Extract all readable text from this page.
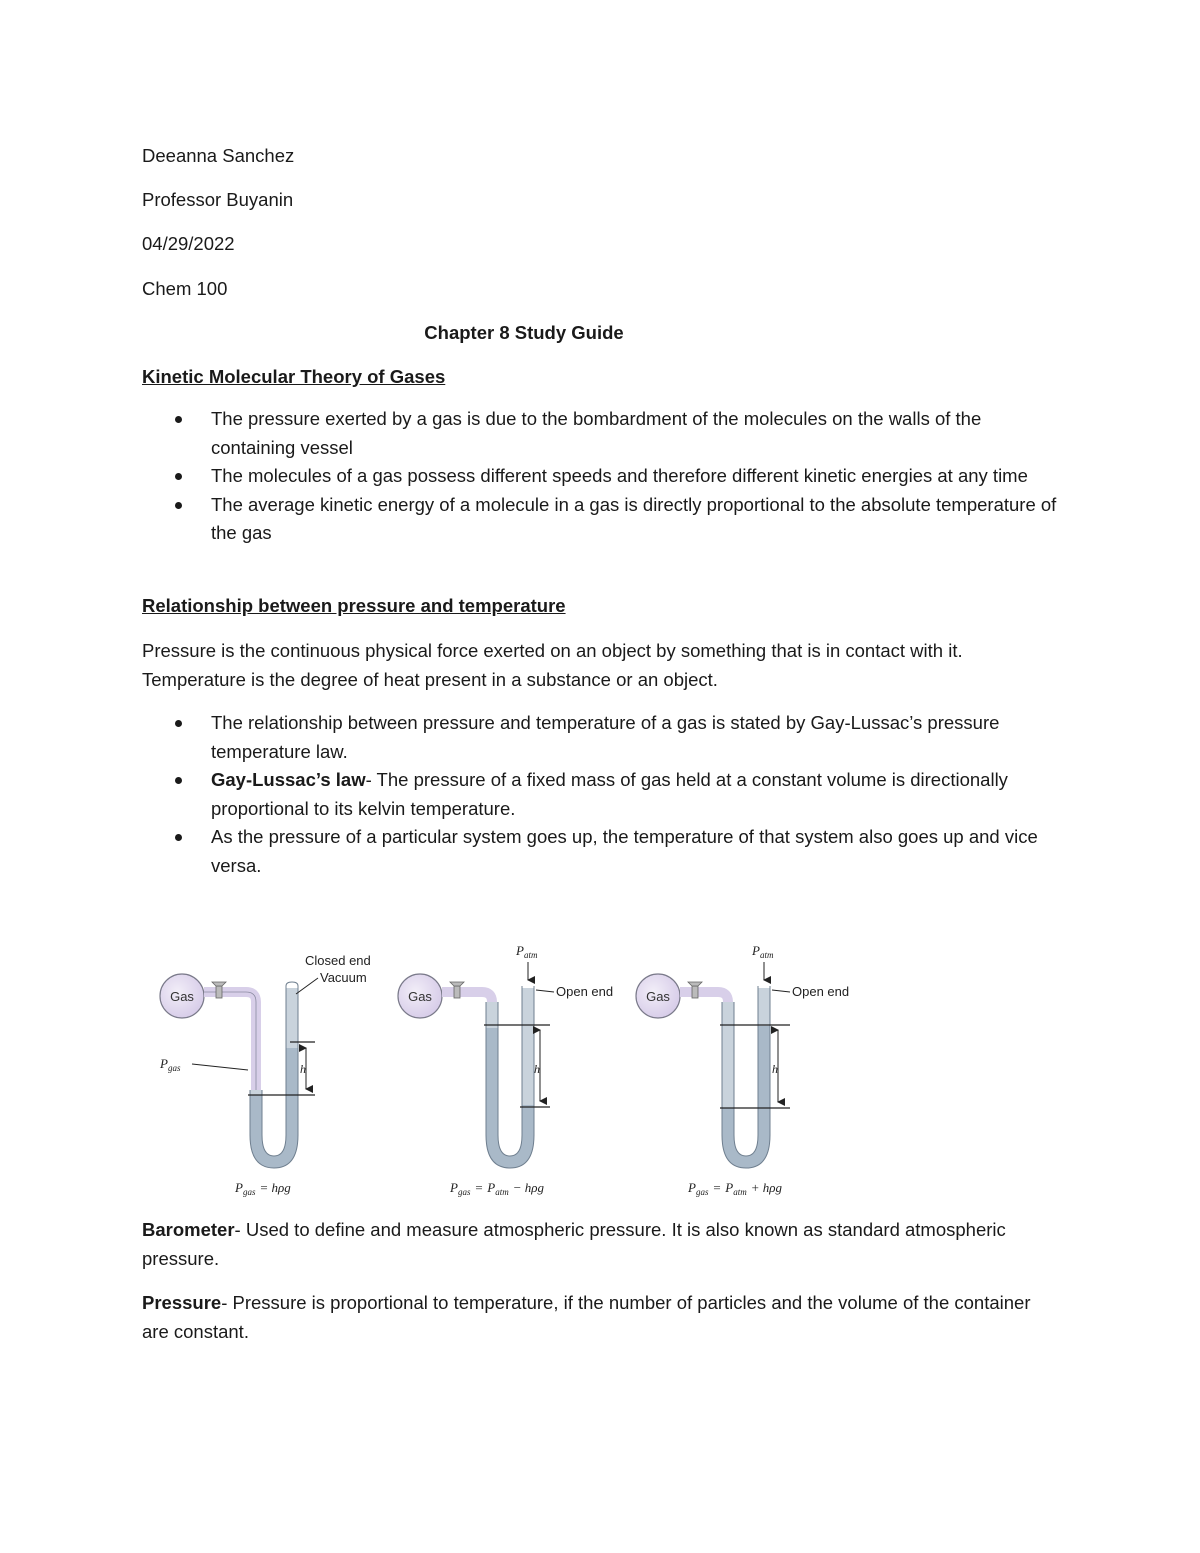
Deeanna Sanchez
Professor Buyanin
04/29/2022
Chem 100
Chapter 8 Study Guide
Kinetic Molecular Theory of Gases
The pressure exerted by a gas is due to the bombardment of the molecules on the walls of the containing vessel
The molecules of a gas possess different speeds and therefore different kinetic energies at any time
The average kinetic energy of a molecule in a gas is directly proportional to the absolute temperature of the gas
Relationship between pressure and temperature
Pressure is the continuous physical force exerted on an object by something that is in contact with it. Temperature is the degree of heat present in a substance or an object.
The relationship between pressure and temperature of a gas is stated by Gay-Lussac’s pressure temperature law.
Gay-Lussac’s law- The pressure of a fixed mass of gas held at a constant volume is directionally proportional to its kelvin temperature.
As the pressure of a particular system goes up, the temperature of that system also goes up and vice versa.
Gas
h
Closed end
Vacuum
$P_{gas}$
$P_{gas} = h\rho g$
Gas
h
$P_{atm}$
Open end
$P_{gas} = P_{atm} - h\rho g$
Gas
h
$P_{atm}$
Open end
$P_{gas} = P_{atm} + h\rho g$
Barometer- Used to define and measure atmospheric pressure. It is also known as standard atmospheric pressure.
Pressure- Pressure is proportional to temperature, if the number of particles and the volume of the container are constant.
